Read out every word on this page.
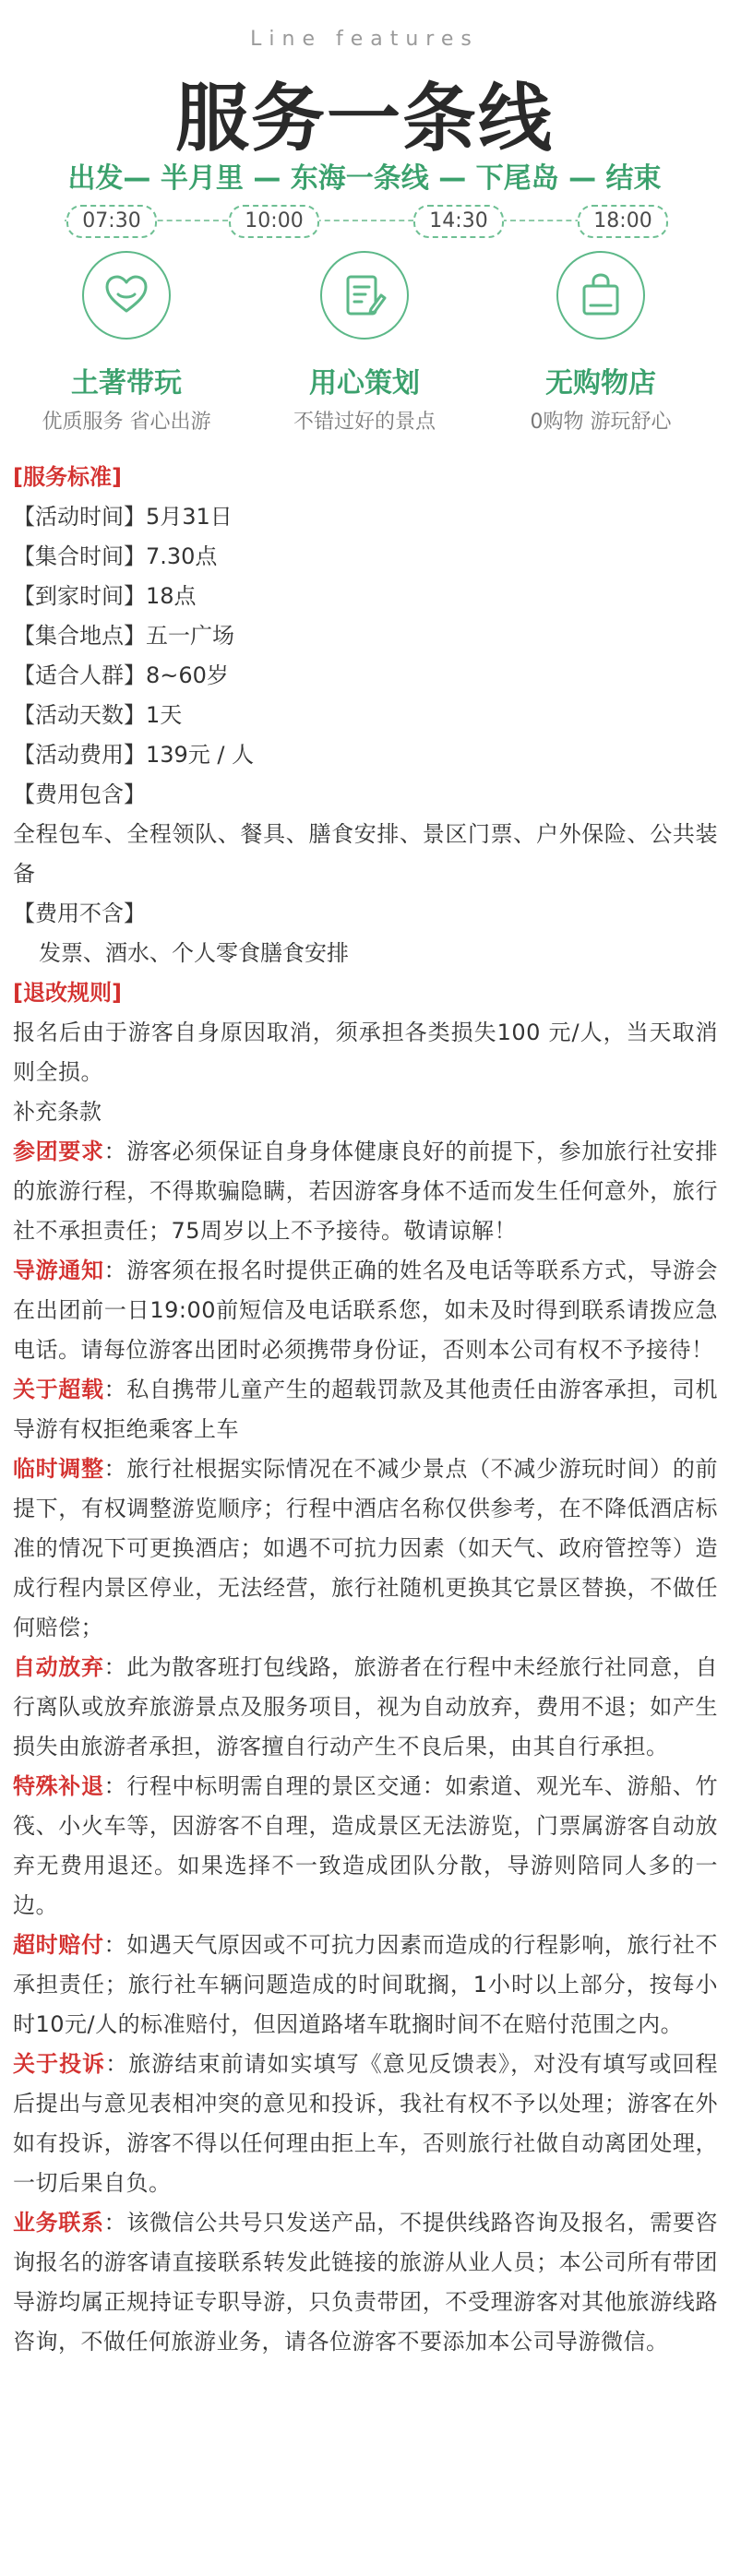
Line features
服务一条线
出发— 半月里 — 东海一条线 — 下尾岛 — 结束
07:30	10:00	14:30	18:00
土著带玩	用心策划	无购物店
优质服务 省心出游	不错过好的景点	0购物 游玩舒心
[服务标准]
【活动时间】5月31日
【集合时间】7.30点
【到家时间】18点
【集合地点】五一广场
【适合人群】8~60岁
【活动天数】1天
【活动费用】139元 / 人
【费用包含】
全程包车、全程领队、餐具、膳食安排、景区门票、户外保险、公共装备
【费用不含】
发票、酒水、个人零食膳食安排
[退改规则]
报名后由于游客自身原因取消，须承担各类损失100 元/人，当天取消则全损。
补充条款
参团要求：游客必须保证自身身体健康良好的前提下，参加旅行社安排的旅游行程，不得欺骗隐瞒，若因游客身体不适而发生任何意外，旅行社不承担责任；75周岁以上不予接待。敬请谅解！
导游通知：游客须在报名时提供正确的姓名及电话等联系方式，导游会在出团前一日19:00前短信及电话联系您，如未及时得到联系请拨应急电话。请每位游客出团时必须携带身份证，否则本公司有权不予接待！
关于超载：私自携带儿童产生的超载罚款及其他责任由游客承担，司机导游有权拒绝乘客上车
临时调整：旅行社根据实际情况在不减少景点（不减少游玩时间）的前提下，有权调整游览顺序；行程中酒店名称仅供参考，在不降低酒店标准的情况下可更换酒店；如遇不可抗力因素（如天气、政府管控等）造成行程内景区停业，无法经营，旅行社随机更换其它景区替换，不做任何赔偿；
自动放弃：此为散客班打包线路，旅游者在行程中未经旅行社同意，自行离队或放弃旅游景点及服务项目，视为自动放弃，费用不退；如产生损失由旅游者承担，游客擅自行动产生不良后果，由其自行承担。
特殊补退：行程中标明需自理的景区交通：如索道、观光车、游船、竹筏、小火车等，因游客不自理，造成景区无法游览，门票属游客自动放弃无费用退还。如果选择不一致造成团队分散，导游则陪同人多的一边。
超时赔付：如遇天气原因或不可抗力因素而造成的行程影响，旅行社不承担责任；旅行社车辆问题造成的时间耽搁，1小时以上部分，按每小时10元/人的标准赔付，但因道路堵车耽搁时间不在赔付范围之内。
关于投诉：旅游结束前请如实填写《意见反馈表》，对没有填写或回程后提出与意见表相冲突的意见和投诉，我社有权不予以处理；游客在外如有投诉，游客不得以任何理由拒上车，否则旅行社做自动离团处理，一切后果自负。
业务联系：该微信公共号只发送产品，不提供线路咨询及报名，需要咨询报名的游客请直接联系转发此链接的旅游从业人员；本公司所有带团导游均属正规持证专职导游，只负责带团，不受理游客对其他旅游线路咨询，不做任何旅游业务，请各位游客不要添加本公司导游微信。
